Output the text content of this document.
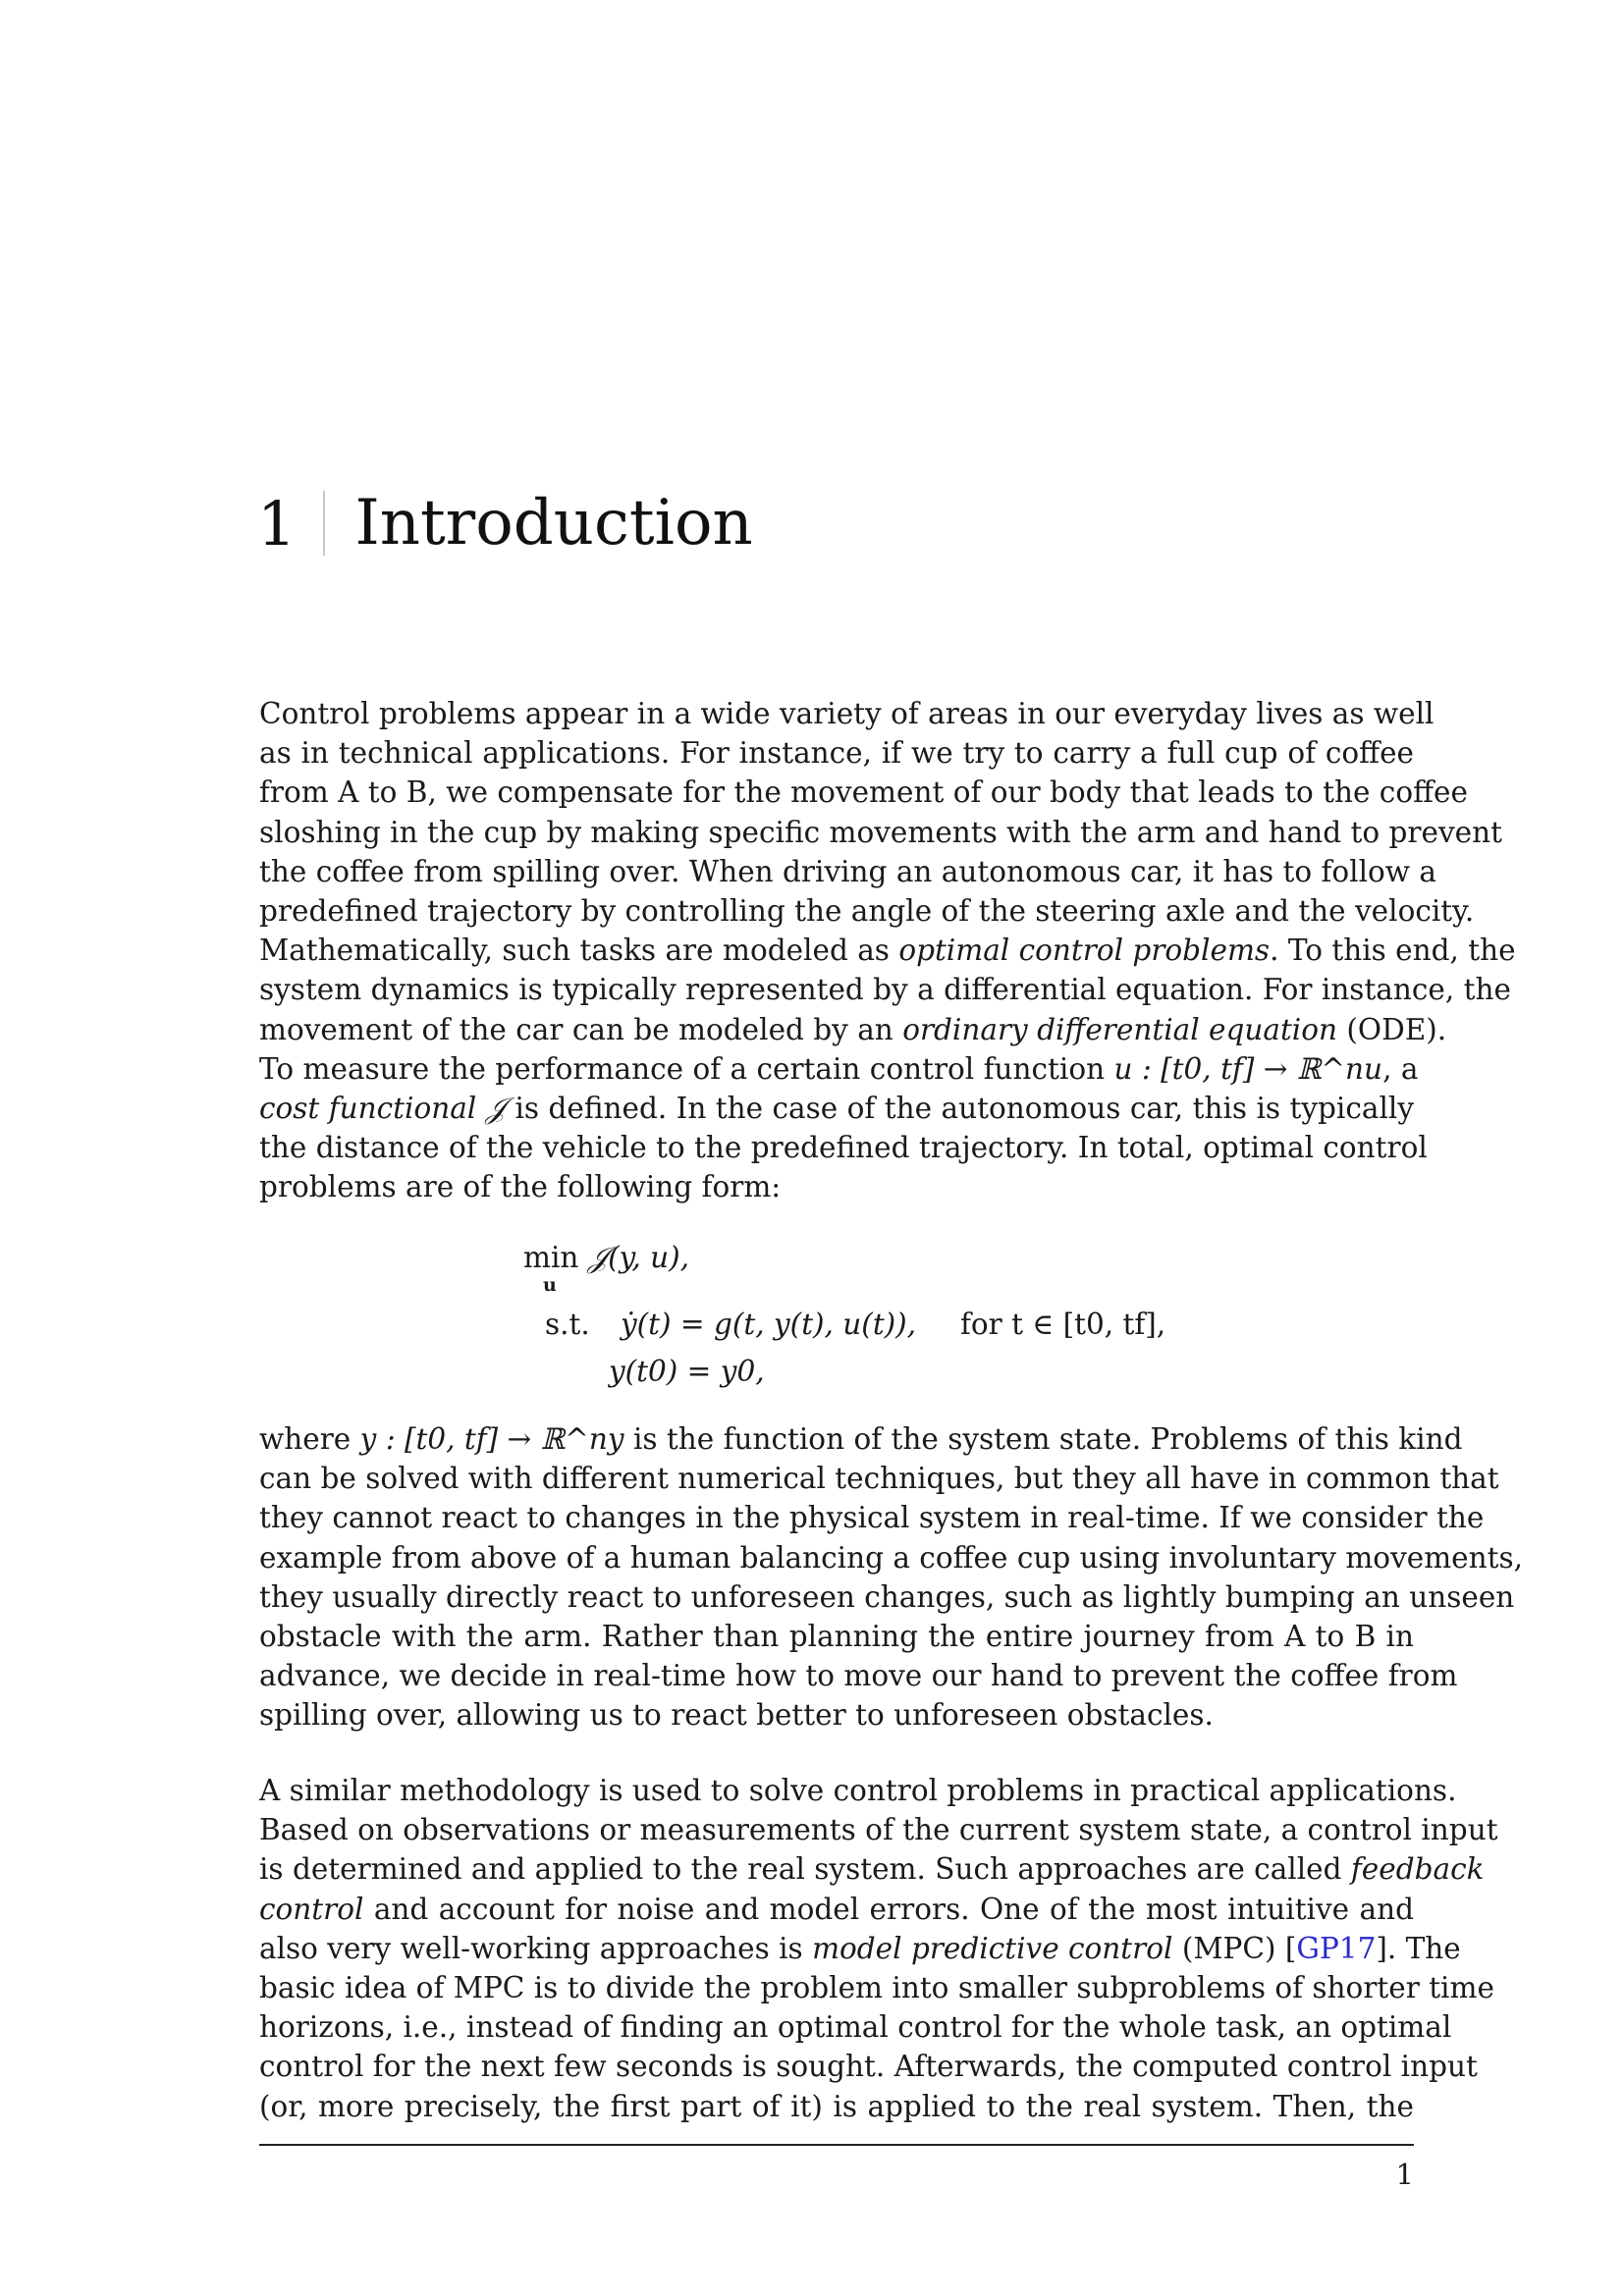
1 Introduction

Control problems appear in a wide variety of areas in our everyday lives as well
as in technical applications. For instance, if we try to carry a full cup of coffee
from A to B, we compensate for the movement of our body that leads to the coffee
sloshing in the cup by making specific movements with the arm and hand to prevent
the coffee from spilling over. When driving an autonomous car, it has to follow a
predefined trajectory by controlling the angle of the steering axle and the velocity.
Mathematically, such tasks are modeled as optimal control problems. To this end, the
system dynamics is typically represented by a differential equation. For instance, the
movement of the car can be modeled by an ordinary differential equation (ODE).
To measure the performance of a certain control function u : [t0, tf] → ℝ^nu, a
cost functional 𝒥 is defined. In the case of the autonomous car, this is typically
the distance of the vehicle to the predefined trajectory. In total, optimal control
problems are of the following form:

min
u
𝒥(y, u),
s.t. ẏ(t) = g(t, y(t), u(t)), for t ∈ [t0, tf],
y(t0) = y0,

where y : [t0, tf] → ℝ^ny is the function of the system state. Problems of this kind
can be solved with different numerical techniques, but they all have in common that
they cannot react to changes in the physical system in real-time. If we consider the
example from above of a human balancing a coffee cup using involuntary movements,
they usually directly react to unforeseen changes, such as lightly bumping an unseen
obstacle with the arm. Rather than planning the entire journey from A to B in
advance, we decide in real-time how to move our hand to prevent the coffee from
spilling over, allowing us to react better to unforeseen obstacles.

A similar methodology is used to solve control problems in practical applications.
Based on observations or measurements of the current system state, a control input
is determined and applied to the real system. Such approaches are called feedback
control and account for noise and model errors. One of the most intuitive and
also very well-working approaches is model predictive control (MPC) [GP17]. The
basic idea of MPC is to divide the problem into smaller subproblems of shorter time
horizons, i.e., instead of finding an optimal control for the whole task, an optimal
control for the next few seconds is sought. Afterwards, the computed control input
(or, more precisely, the first part of it) is applied to the real system. Then, the

1
